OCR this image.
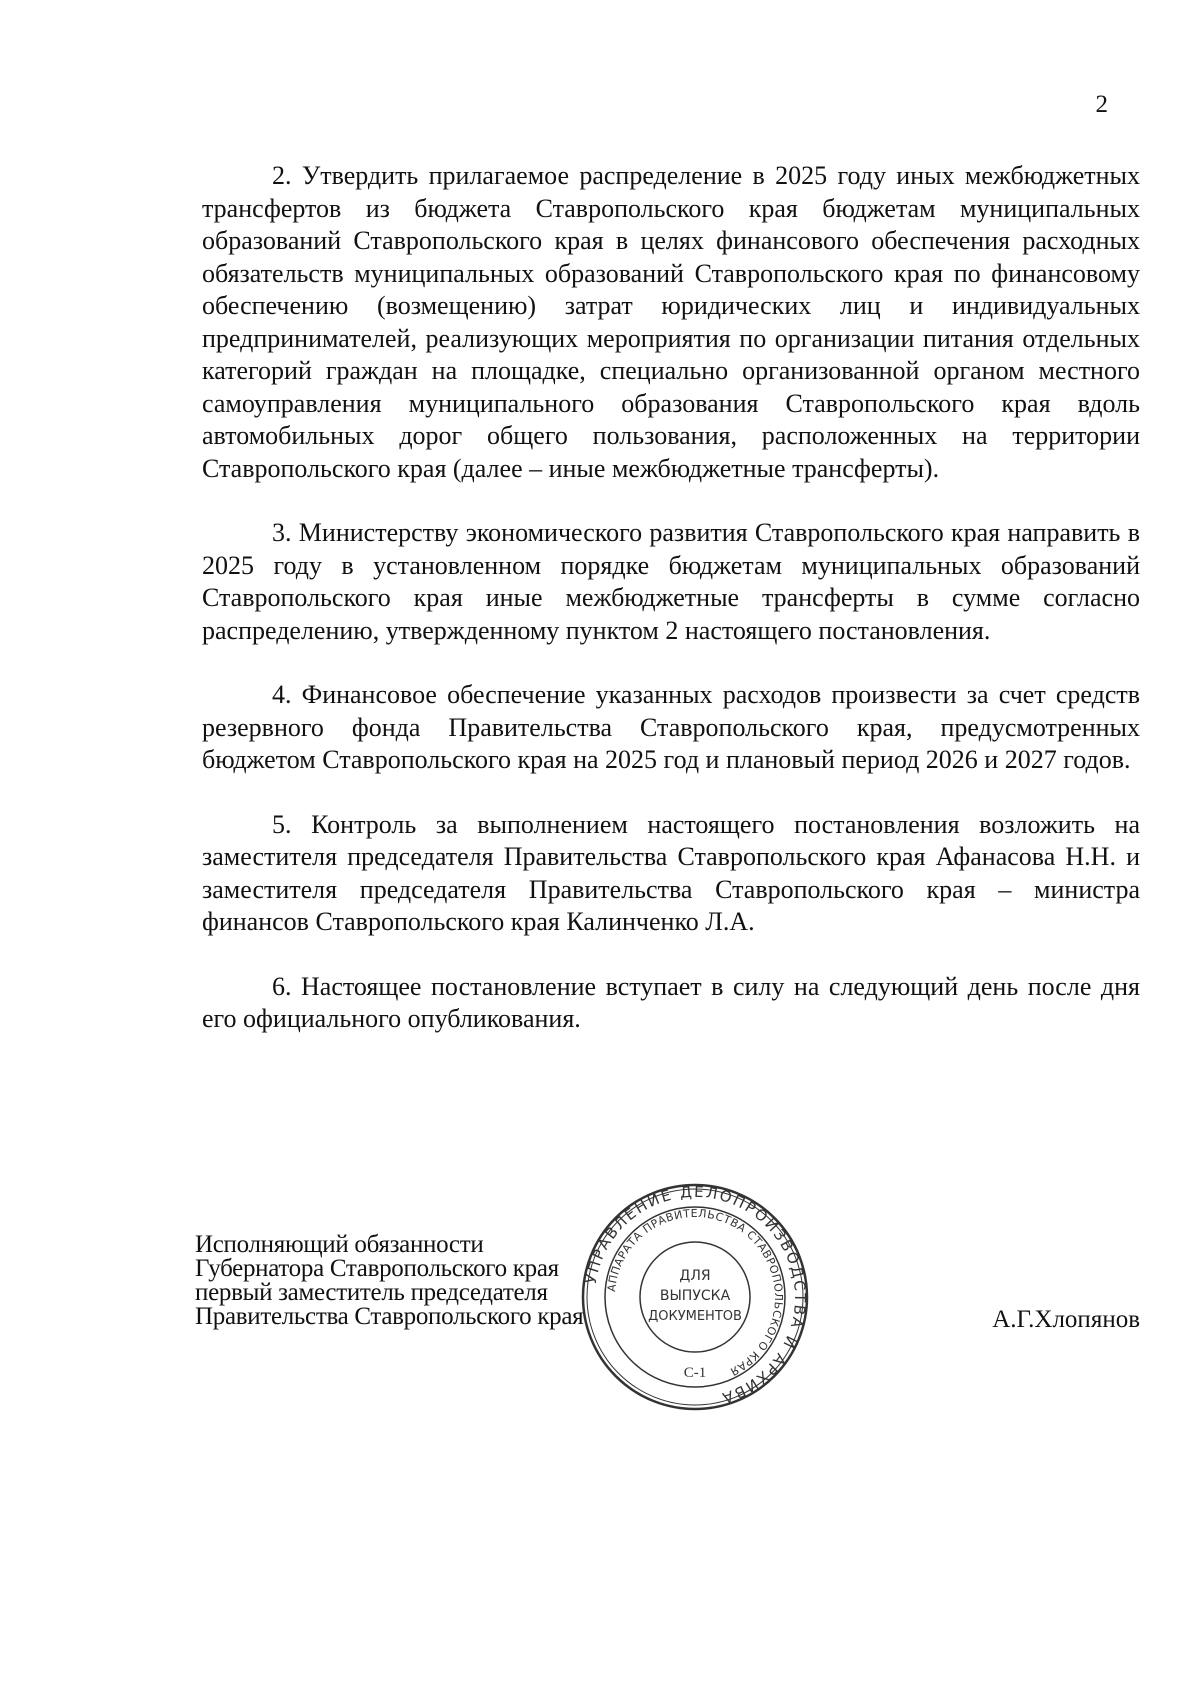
2

2. Утвердить прилагаемое распределение в 2025 году иных межбюджетных трансфертов из бюджета Ставропольского края бюджетам муниципальных образований Ставропольского края в целях финансового обеспечения расходных обязательств муниципальных образований Ставропольского края по финансовому обеспечению (возмещению) затрат юридических лиц и индивидуальных предпринимателей, реализующих мероприятия по организации питания отдельных категорий граждан на площадке, специально организованной органом местного самоуправления муниципального образования Ставропольского края вдоль автомобильных дорог общего пользования, расположенных на территории Ставропольского края (далее – иные межбюджетные трансферты).

3. Министерству экономического развития Ставропольского края направить в 2025 году в установленном порядке бюджетам муниципальных образований Ставропольского края иные межбюджетные трансферты в сумме согласно распределению, утвержденному пунктом 2 настоящего постановления.

4. Финансовое обеспечение указанных расходов произвести за счет средств резервного фонда Правительства Ставропольского края, предусмотренных бюджетом Ставропольского края на 2025 год и плановый период 2026 и 2027 годов.

5. Контроль за выполнением настоящего постановления возложить на заместителя председателя Правительства Ставропольского края Афанасова Н.Н. и заместителя председателя Правительства Ставропольского края – министра финансов Ставропольского края Калинченко Л.А.

6. Настоящее постановление вступает в силу на следующий день после дня его официального опубликования.

Исполняющий обязанности
Губернатора Ставропольского края
первый заместитель председателя
Правительства Ставропольского края
УПРАВЛЕНИЕ ДЕЛОПРОИЗВОДСТВА И АРХИВА
АППАРАТА ПРАВИТЕЛЬСТВА СТАВРОПОЛЬСКОГО КРАЯ
ДЛЯ
ВЫПУСКА
ДОКУМЕНТОВ
С-1
А.Г.Хлопянов
